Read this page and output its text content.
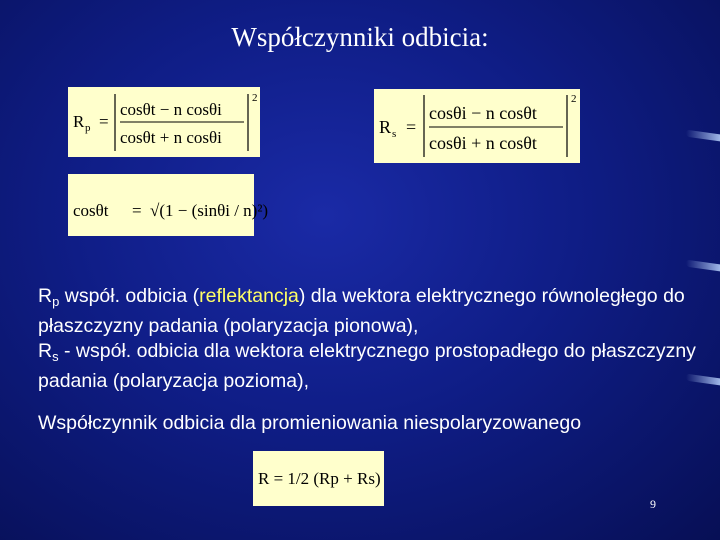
Współczynniki odbicia:
R p =
2
cosθt − n cosθi
cosθt + n cosθi
R s =
2
cosθi − n cosθt
cosθi + n cosθt
cosθt = √(1 − (sinθi / n)²)
$R_p$ współ. odbicia (reflektancja) dla wektora elektrycznego równoległego do płaszczyzny padania (polaryzacja pionowa),
$R_s$ - współ. odbicia dla wektora elektrycznego prostopadłego do płaszczyzny padania (polaryzacja pozioma),
Współczynnik odbicia dla promieniowania niespolaryzowanego
R = 1/2 (Rp + Rs)
9
